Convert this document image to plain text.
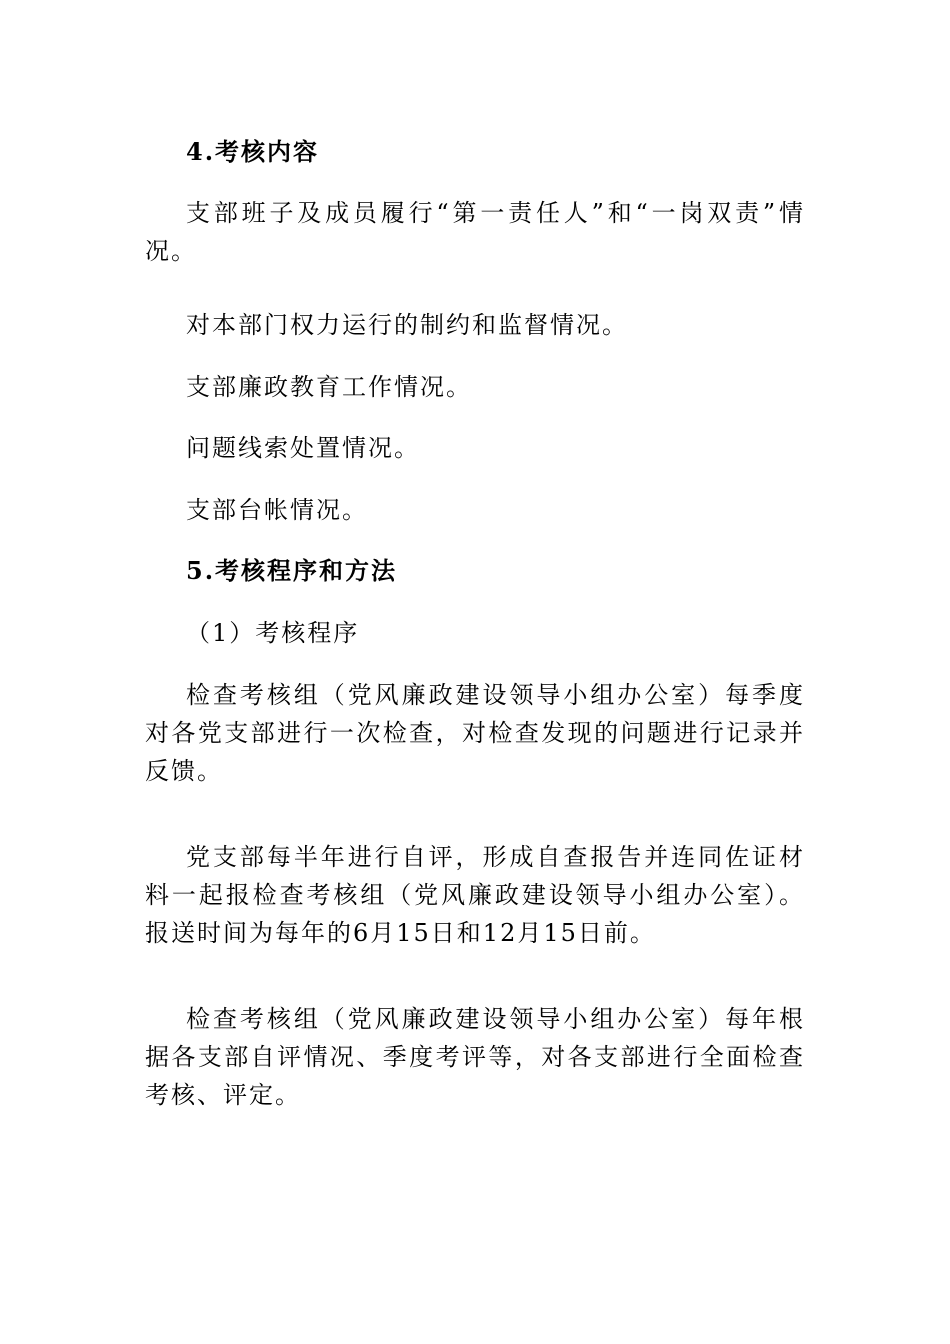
4.考核内容

支部班子及成员履行“第一责任人”和“一岗双责”情况。

对本部门权力运行的制约和监督情况。

支部廉政教育工作情况。

问题线索处置情况。

支部台帐情况。

5.考核程序和方法

（1）考核程序

检查考核组（党风廉政建设领导小组办公室）每季度对各党支部进行一次检查，对检查发现的问题进行记录并反馈。

党支部每半年进行自评，形成自查报告并连同佐证材料一起报检查考核组（党风廉政建设领导小组办公室）。报送时间为每年的6月15日和12月15日前。

检查考核组（党风廉政建设领导小组办公室）每年根据各支部自评情况、季度考评等，对各支部进行全面检查考核、评定。
